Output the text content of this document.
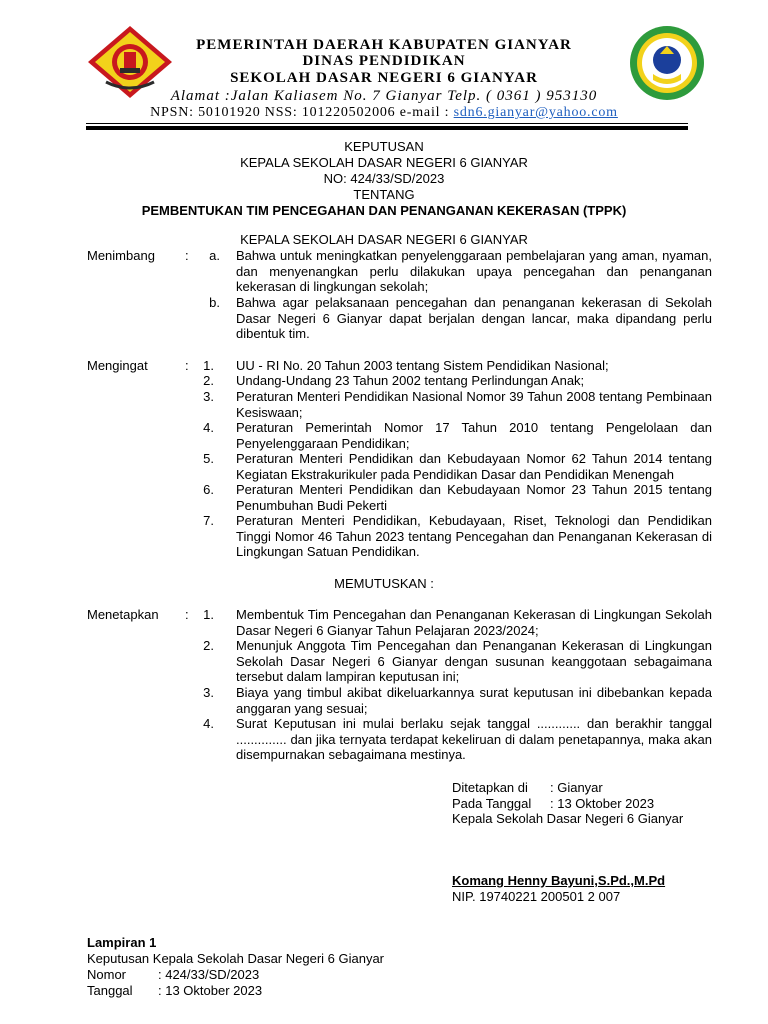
PEMERINTAH DAERAH KABUPATEN GIANYAR
DINAS PENDIDIKAN
SEKOLAH DASAR NEGERI 6 GIANYAR
Alamat :Jalan Kaliasem No. 7 Gianyar Telp. ( 0361 ) 953130
NPSN: 50101920 NSS: 101220502006 e-mail : sdn6.gianyar@yahoo.com
KEPUTUSAN
KEPALA SEKOLAH DASAR NEGERI 6 GIANYAR
NO: 424/33/SD/2023
TENTANG
PEMBENTUKAN TIM PENCEGAHAN DAN PENANGANAN KEKERASAN (TPPK)
KEPALA SEKOLAH DASAR NEGERI 6 GIANYAR
Menimbang :	a. Bahwa untuk meningkatkan penyelenggaraan pembelajaran yang aman, nyaman, dan menyenangkan perlu dilakukan upaya pencegahan dan penanganan kekerasan di lingkungan sekolah;
b. Bahwa agar pelaksanaan pencegahan dan penanganan kekerasan di Sekolah Dasar Negeri 6 Gianyar dapat berjalan dengan lancar, maka dipandang perlu dibentuk tim.
Mengingat	:	1. UU - RI No. 20 Tahun 2003 tentang Sistem Pendidikan Nasional;
2. Undang-Undang 23 Tahun 2002 tentang Perlindungan Anak;
3. Peraturan Menteri Pendidikan Nasional Nomor 39 Tahun 2008 tentang Pembinaan Kesiswaan;
4. Peraturan Pemerintah Nomor 17 Tahun 2010 tentang Pengelolaan dan Penyelenggaraan Pendidikan;
5. Peraturan Menteri Pendidikan dan Kebudayaan Nomor 62 Tahun 2014 tentang Kegiatan Ekstrakurikuler pada Pendidikan Dasar dan Pendidikan Menengah
6. Peraturan Menteri Pendidikan dan Kebudayaan Nomor 23 Tahun 2015 tentang Penumbuhan Budi Pekerti
7. Peraturan Menteri Pendidikan, Kebudayaan, Riset, Teknologi dan Pendidikan Tinggi Nomor 46 Tahun 2023 tentang Pencegahan dan Penanganan Kekerasan di Lingkungan Satuan Pendidikan.
MEMUTUSKAN :
Menetapkan :	1. Membentuk Tim Pencegahan dan Penanganan Kekerasan di Lingkungan Sekolah Dasar Negeri 6 Gianyar Tahun Pelajaran 2023/2024;
2. Menunjuk Anggota Tim Pencegahan dan Penanganan Kekerasan di Lingkungan Sekolah Dasar Negeri 6 Gianyar dengan susunan keanggotaan sebagaimana tersebut dalam lampiran keputusan ini;
3. Biaya yang timbul akibat dikeluarkannya surat keputusan ini dibebankan kepada anggaran yang sesuai;
4. Surat Keputusan ini mulai berlaku sejak tanggal ............ dan berakhir tanggal .............. dan jika ternyata terdapat kekeliruan di dalam penetapannya, maka akan disempurnakan sebagaimana mestinya.
Ditetapkan di : Gianyar
Pada Tanggal : 13 Oktober 2023
Kepala Sekolah Dasar Negeri 6 Gianyar
Komang Henny Bayuni,S.Pd.,M.Pd
NIP. 19740221 200501 2 007
Lampiran 1
Keputusan Kepala Sekolah Dasar Negeri 6 Gianyar
Nomor : 424/33/SD/2023
Tanggal : 13 Oktober 2023
